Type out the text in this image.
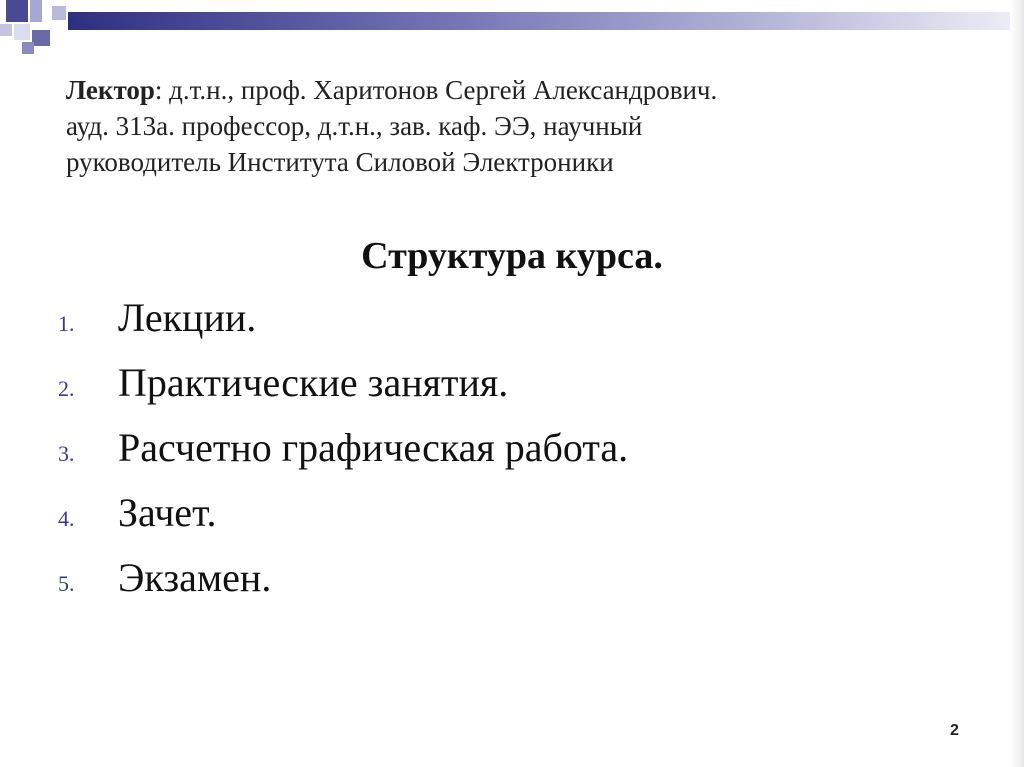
Лектор: д.т.н., проф. Харитонов Сергей Александрович.
ауд. 313а. профессор, д.т.н., зав. каф. ЭЭ, научный
руководитель Института Силовой Электроники
Структура курса.
1.	Лекции.
2.	Практические занятия.
3.	Расчетно графическая работа.
4.	Зачет.
5.	Экзамен.
2
